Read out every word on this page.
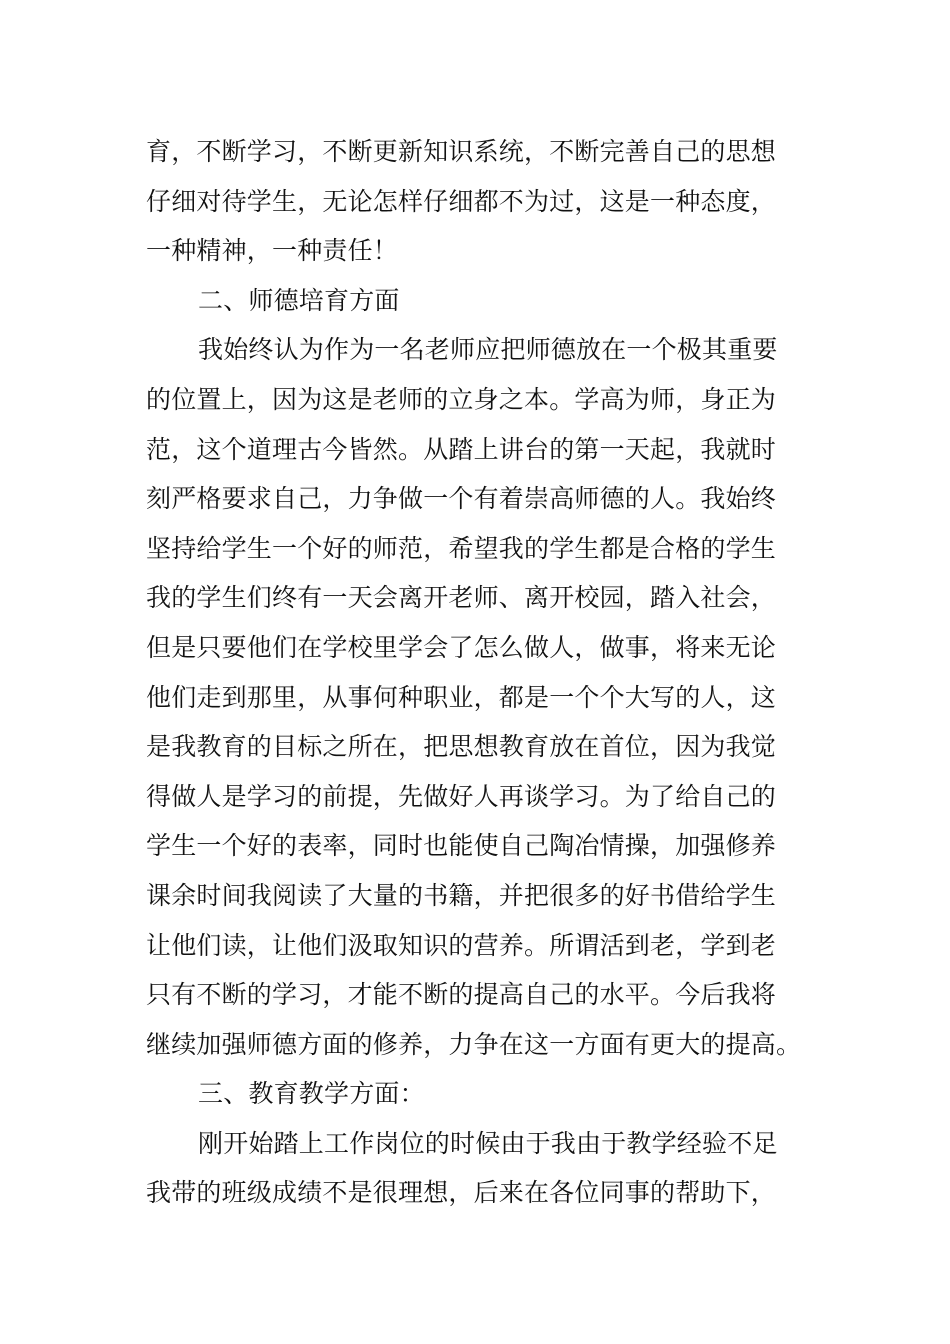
育，不断学习，不断更新知识系统，不断完善自己的思想
仔细对待学生，无论怎样仔细都不为过，这是一种态度，
一种精神，一种责任！
二、师德培育方面
我始终认为作为一名老师应把师德放在一个极其重要
的位置上，因为这是老师的立身之本。学高为师，身正为
范，这个道理古今皆然。从踏上讲台的第一天起，我就时
刻严格要求自己，力争做一个有着崇高师德的人。我始终
坚持给学生一个好的师范，希望我的学生都是合格的学生
我的学生们终有一天会离开老师、离开校园，踏入社会，
但是只要他们在学校里学会了怎么做人，做事，将来无论
他们走到那里，从事何种职业，都是一个个大写的人，这
是我教育的目标之所在，把思想教育放在首位，因为我觉
得做人是学习的前提，先做好人再谈学习。为了给自己的
学生一个好的表率，同时也能使自己陶冶情操，加强修养
课余时间我阅读了大量的书籍，并把很多的好书借给学生
让他们读，让他们汲取知识的营养。所谓活到老，学到老
只有不断的学习，才能不断的提高自己的水平。今后我将
继续加强师德方面的修养，力争在这一方面有更大的提高。
三、教育教学方面：
刚开始踏上工作岗位的时候由于我由于教学经验不足
我带的班级成绩不是很理想，后来在各位同事的帮助下，
